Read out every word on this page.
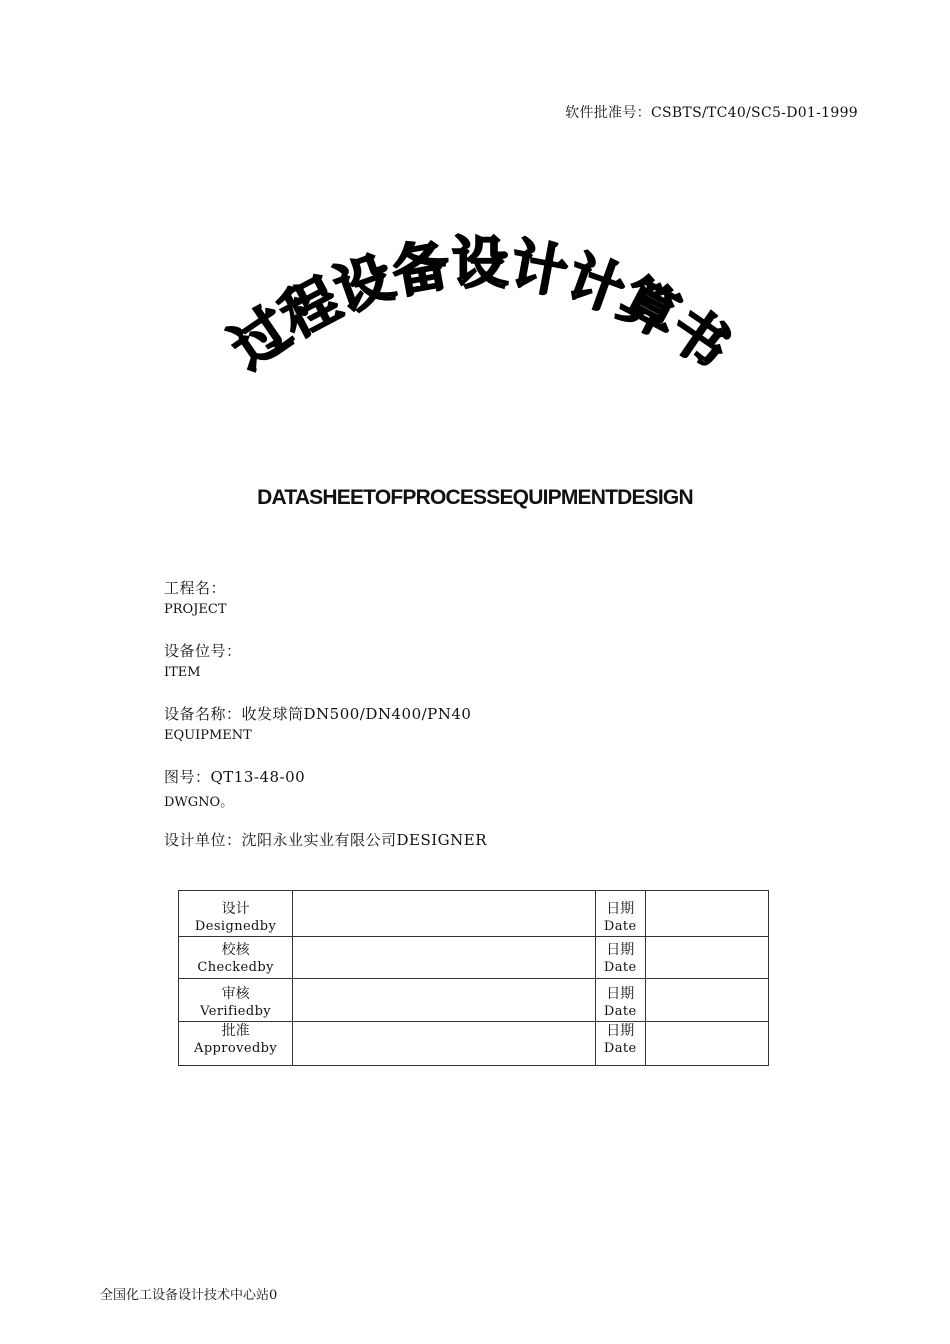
软件批准号：CSBTS/TC40/SC5-D01-1999
过程设备设计计算书
DATASHEETOFPROCESSEQUIPMENTDESIGN
工程名：
PROJECT
设备位号：
ITEM
设备名称：收发球筒DN500/DN400/PN40
EQUIPMENT
图号：QT13-48-00
DWGNO。
设计单位：沈阳永业实业有限公司DESIGNER
设计
Designedby		日期
Date	

校核
Checkedby		日期
Date	

审核
Verifiedby		日期
Date	

批准
Approvedby		日期
Date	

全国化工设备设计技术中心站0
